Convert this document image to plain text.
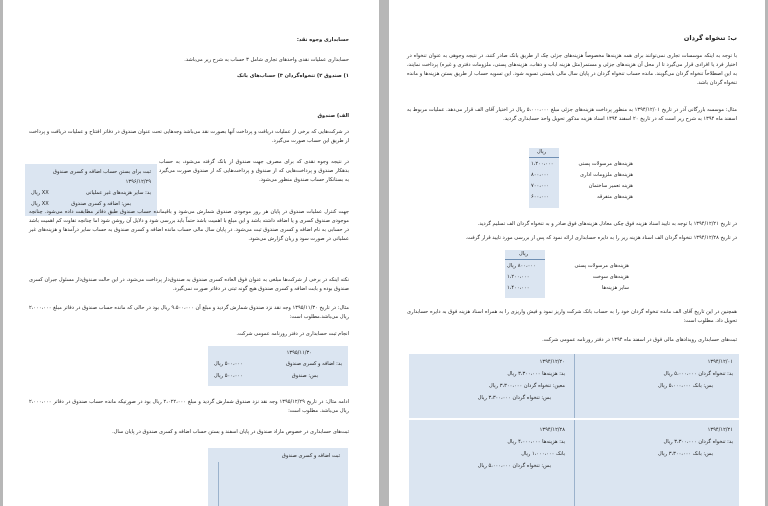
حسابداری وجوه نقد:
حسابداری عملیات نقدی واحدهای تجاری شامل ۳ حساب به شرح زیر می‌باشد.
۱) صندوق ۲) تنخواه‌گردان ۳) حساب‌های بانک
الف) صندوق
در شرکت‌هایی که برخی از عملیات دریافت و پرداخت آنها بصورت نقد می‌باشد وجه‌هایی تحت عنوان صندوق در دفاتر افتتاح و عملیات دریافت و پرداخت از طریق این حساب صورت می‌گیرد.
در نتیجه وجوه نقدی که برای مصرف جهت صندوق از بانک گرفته می‌شود، به حساب بدهکار صندوق و پرداخت‌هایی که از صندوق و پرداخت‌هایی که از صندوق صورت می‌گیرد به بستانکار حساب صندوق منظور می‌شود.
ثبت برای بستن حساب اضافه و کسری صندوق
۱۳۹۶/۱۲/۲۹
بد: سایر هزینه‌های غیر عملیاتی
XX ریال
بس: اضافه و کسری صندوق
XX ریال
جهت کنترل عملیات صندوق در پایان هر روز موجودی صندوق شمارش می‌شود و باقیمانده حساب صندوق طبق دفاتر مطابقت داده می‌شود. چنانچه موجودی صندوق کسری و یا اضافه داشته باشد و این مبلغ با اهمیت باشد حتماً باید بررسی شود و دلایل آن روشن شود اما چنانچه تفاوت کم اهمیت باشد در حسابی به نام اضافه و کسری صندوق ثبت می‌شود. در پایان سال مالی حساب مانده اضافه و کسری صندوق به حساب سایر درآمدها و هزینه‌های غیر عملیاتی در صورت سود و زیان گزارش می‌شود.
نکته اینکه در برخی از شرکت‌ها مبلغی به عنوان فوق العاده کسری صندوق به صندوق‌دار پرداخت می‌شود، در این حالت صندوق‌دار مسئول جبران کسری صندوق بوده و بابت اضافه و کسری صندوق هیچ گونه ثبتی در دفاتر صورت نمی‌گیرد.
مثال: در تاریخ ۱۳۹۵/۱۱/۳۰ وجه نقد نزد صندوق شمارش گردید و مبلغ آن ۹،۵۰۰،۰۰۰ ریال بود در حالی که مانده حساب صندوق در دفاتر مبلغ ۲،۰۰۰،۰۰۰ ریال می‌باشد.مطلوب است:
انجام ثبت حسابداری در دفتر روزنامه عمومی شرکت.
۱۳۹۵/۱۱/۳۰
بد: اضافه و کسری صندوق
۵۰۰،۰۰۰ ریال
بس: صندوق
۵۰۰،۰۰۰ ریال
ادامه مثال: در تاریخ ۱۳۹۵/۱۲/۲۹ وجه نقد نزد صندوق شمارش گردید و مبلغ ۲،۰۲۲،۰۰۰ ریال بود در صورتیکه مانده حساب صندوق در دفاتر ۲،۰۰۰،۰۰۰ ریال می‌باشد. مطلوب است:
ثبت‌های حسابداری در خصوص مازاد صندوق در پایان اسفند و بستن حساب اضافه و کسری صندوق در پایان سال.
ثبت اضافه و کسری صندوق
ب: تنخواه گردان
با توجه به اینکه موسسات تجاری نمی‌توانند برای همه هزینه‌ها مخصوصاً هزینه‌های جزئی چک از طریق بانک صادر کنند، در نتیجه وجوهی به عنوان تنخواه در اختیار فرد یا افرادی قرار می‌گیرد تا از محل آن هزینه‌های جزئی و مستمر(مثل هزینه ایاب و ذهاب، هزینه‌های پستی، ملزومات دفتری و غیره) پرداخت نمایند، به این اصطلاحاً تنخواه گردان می‌گویند. مانده حساب تنخواه گردان در پایان سال مالی بایستی تسویه شود. این تسویه حساب از طریق بستن هزینه‌ها و مانده تنخواه گردان باشد.
مثال: موسسه بازرگانی آذر در تاریخ ۱۳۹۴/۱۲/۰۱ به منظور پرداخت هزینه‌های جزئی مبلغ ۵،۰۰۰،۰۰۰ ریال در اختیار آقای الف قرار می‌دهد. عملیات مربوط به اسفند ماه ۱۳۹۴ به شرح زیر است که در تاریخ ۲۰ اسفند ۱۳۹۴ اسناد هزینه مذکور تحویل واحد حسابداری گردید.
ریال
هزینه‌های مرسولات پستی
۱،۲۰۰،۰۰۰
هزینه‌های ملزومات اداری
۸۰۰،۰۰۰
هزینه تعمیر ساختمان
۷۰۰،۰۰۰
هزینه‌های متفرقه
۶۰۰،۰۰۰
در تاریخ ۱۳۹۴/۱۲/۲۱ با توجه به تایید اسناد هزینه فوق چکی معادل هزینه‌های فوق صادر و به تنخواه گردان الف تسلیم گردید.
در تاریخ ۱۳۹۴/۱۲/۲۸ تنخواه گردان الف اسناد هزینه زیر را به دایره حسابداری ارائه نمود که پس از بررسی مورد تایید قرار گرفت.
ریال
هزینه‌های مرسولات پستی
۸۰۰،۰۰۰ ریال
هزینه‌های سوخت
۱،۲۰۰،۰۰۰
سایر هزینه‌ها
۱،۴۰۰،۰۰۰
همچنین در این تاریخ آقای الف مانده تنخواه گردان خود را به حساب بانک شرکت واریز نمود و فیش واریزی را به همراه اسناد هزینه فوق به دایره حسابداری تحویل داد. مطلوب است:
ثبت‌های حسابداری رویدادهای مالی فوق در اسفند ماه ۱۳۹۴ در دفتر روزنامه عمومی شرکت.
۱۳۹۴/۱۲/۰۱
بد: تنخواه گردان ۵،۰۰۰،۰۰۰ ریال
بس: بانک ۵،۰۰۰،۰۰۰ ریال
۱۳۹۴/۱۲/۲۰
بد: هزینه‌ها ۳،۳۰۰،۰۰۰ ریال
معین: تنخواه گردان ۳،۳۰۰،۰۰۰ ریال
بس: تنخواه گردان ۳،۳۰۰،۰۰۰ ریال
۱۳۹۴/۱۲/۲۱
بد: تنخواه گردان ۳،۳۰۰،۰۰۰ ریال
بس: بانک ۳،۳۰۰،۰۰۰ ریال
۱۳۹۴/۱۲/۲۸
بد: هزینه‌ها ۴،۰۰۰،۰۰۰ ریال
بانک ۱،۰۰۰،۰۰۰ ریال
بس: تنخواه گردان ۵،۰۰۰،۰۰۰ ریال
